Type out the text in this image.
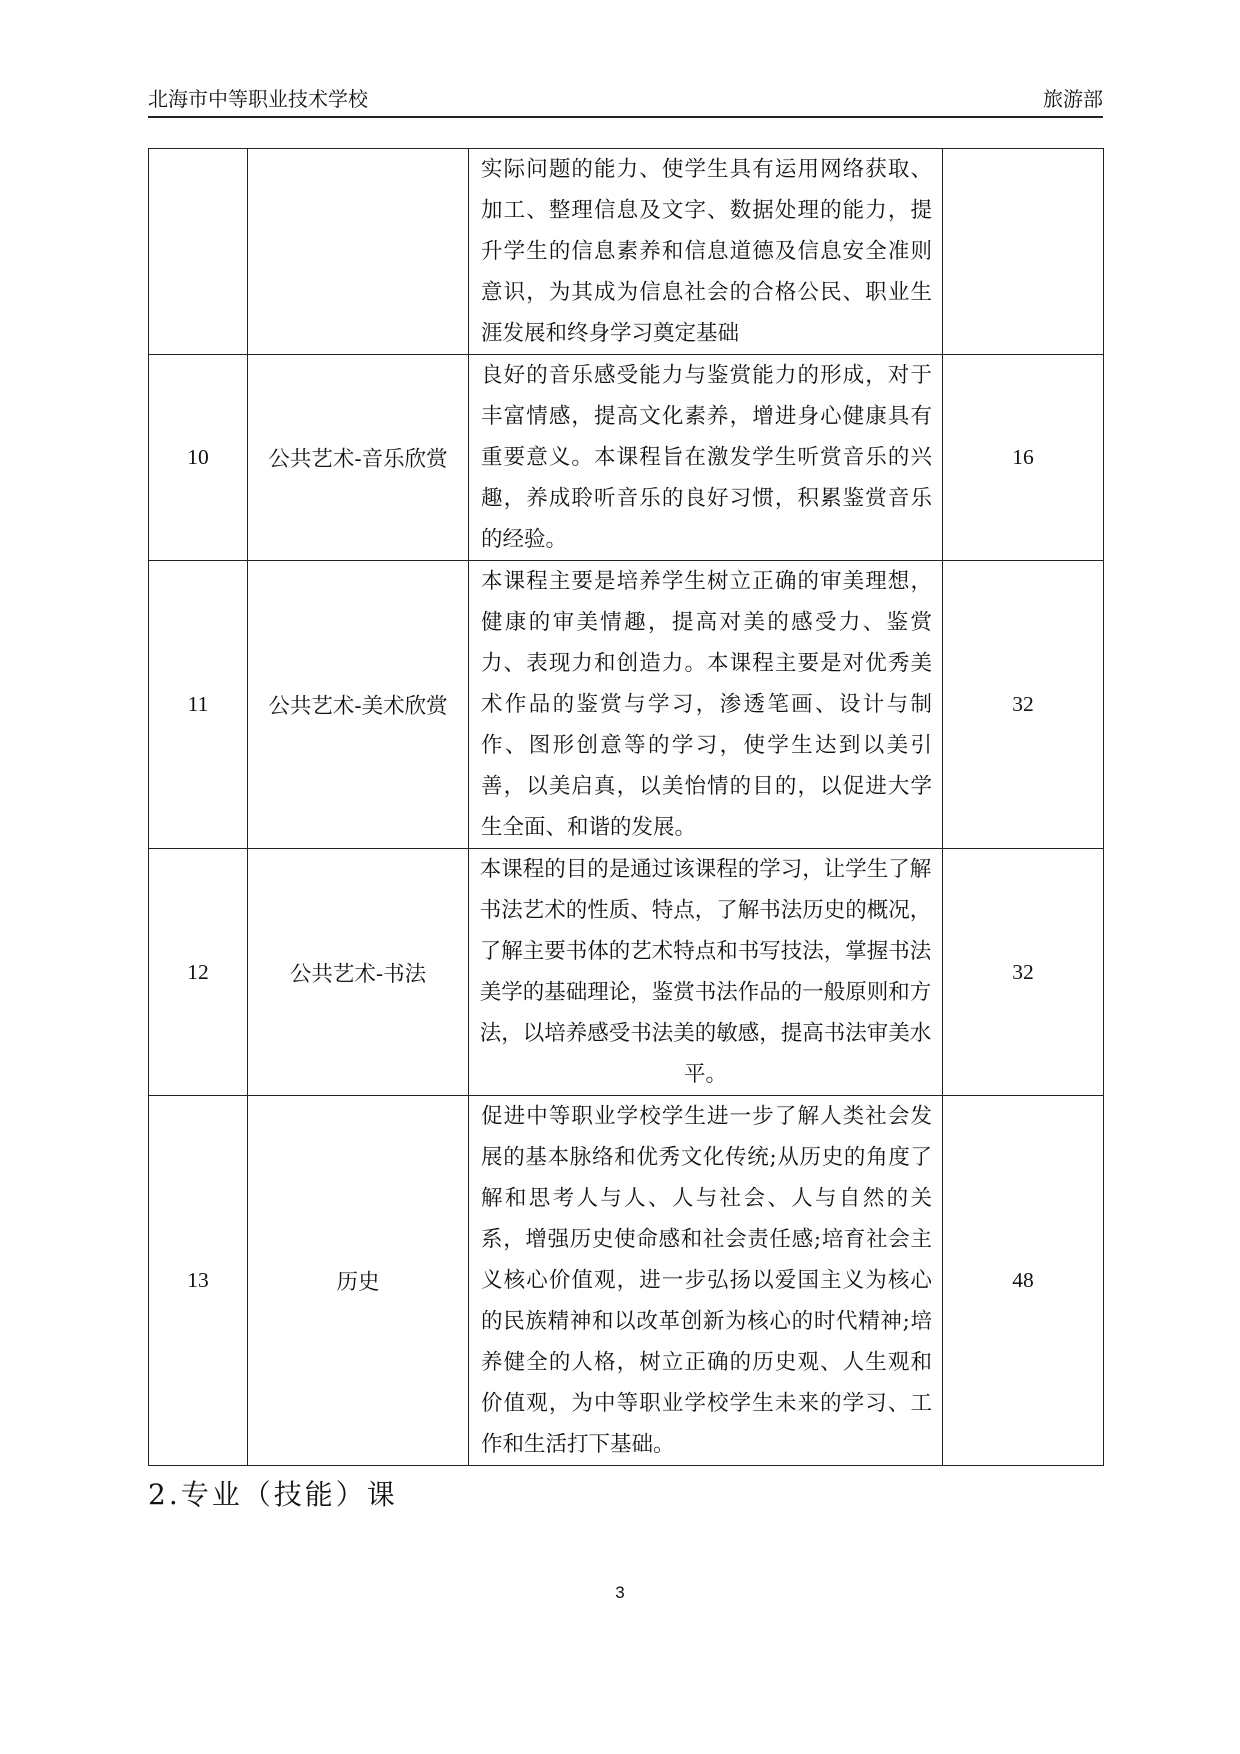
北海市中等职业技术学校	旅游部
		实际问题的能力、使学生具有运用网络获取、加工、整理信息及文字、数据处理的能力，提升学生的信息素养和信息道德及信息安全准则意识，为其成为信息社会的合格公民、职业生涯发展和终身学习奠定基础	
10	公共艺术-音乐欣赏	良好的音乐感受能力与鉴赏能力的形成，对于丰富情感，提高文化素养，增进身心健康具有重要意义。本课程旨在激发学生听赏音乐的兴趣，养成聆听音乐的良好习惯，积累鉴赏音乐的经验。	16
11	公共艺术-美术欣赏	本课程主要是培养学生树立正确的审美理想，健康的审美情趣，提高对美的感受力、鉴赏力、表现力和创造力。本课程主要是对优秀美术作品的鉴赏与学习，渗透笔画、设计与制作、图形创意等的学习，使学生达到以美引善，以美启真，以美怡情的目的，以促进大学生全面、和谐的发展。	32
12	公共艺术-书法	本课程的目的是通过该课程的学习，让学生了解书法艺术的性质、特点，了解书法历史的概况，了解主要书体的艺术特点和书写技法，掌握书法美学的基础理论，鉴赏书法作品的一般原则和方法，以培养感受书法美的敏感，提高书法审美水平。	32
13	历史	促进中等职业学校学生进一步了解人类社会发展的基本脉络和优秀文化传统;从历史的角度了解和思考人与人、人与社会、人与自然的关系，增强历史使命感和社会责任感;培育社会主义核心价值观，进一步弘扬以爱国主义为核心的民族精神和以改革创新为核心的时代精神;培养健全的人格，树立正确的历史观、人生观和价值观，为中等职业学校学生未来的学习、工作和生活打下基础。	48
2.专业（技能）课
3
